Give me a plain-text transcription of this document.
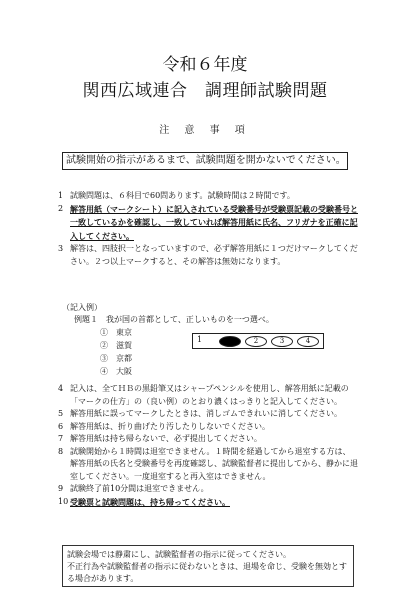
令和６年度
関西広域連合　調理師試験問題
注 意 事 項
試験開始の指示があるまで、試験問題を開かないでください。
1 試験問題は、６科目で60問あります。試験時間は２時間です。
2 解答用紙（マークシート）に記入されている受験番号が受験票記載の受験番号と一致しているかを確認し、一致していれば解答用紙に氏名、フリガナを正確に記入してください。
3 解答は、四肢択一となっていますので、必ず解答用紙に１つだけマークしてください。２つ以上マークすると、その解答は無効になります。
（記入例）
例題１　我が国の首都として、正しいものを一つ選べ。
①　東京
②　滋賀
③　京都
④　大阪
1	2	3	4
4 記入は、全てＨＢの黒鉛筆又はシャープペンシルを使用し、解答用紙に記載の「マークの仕方」の（良い例）のとおり濃くはっきりと記入してください。
5 解答用紙に誤ってマークしたときは、消しゴムできれいに消してください。
6 解答用紙は、折り曲げたり汚したりしないでください。
7 解答用紙は持ち帰らないで、必ず提出してください。
8 試験開始から１時間は退室できません。１時間を経過してから退室する方は、解答用紙の氏名と受験番号を再度確認し、試験監督者に提出してから、静かに退室してください。一度退室すると再入室はできません。
9 試験終了前10分間は退室できません。
10 受験票と試験問題は、持ち帰ってください。
試験会場では静粛にし、試験監督者の指示に従ってください。
不正行為や試験監督者の指示に従わないときは、退場を命じ、受験を無効とする場合があります。
